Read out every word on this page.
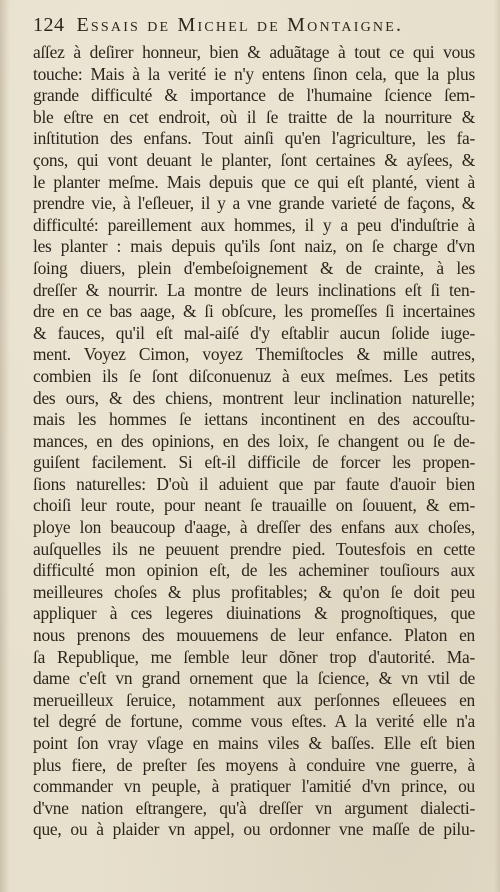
124 Essais de Michel de Montaigne.
aſſez à deſirer honneur, bien & aduãtage à tout ce qui vous
touche: Mais à la verité ie n'y entens ſinon cela, que la plus
grande difficulté & importance de l'humaine ſcience ſem-
ble eſtre en cet endroit, où il ſe traitte de la nourriture &
inſtitution des enfans. Tout ainſi qu'en l'agriculture, les fa-
çons, qui vont deuant le planter, ſont certaines & ayſees, &
le planter meſme. Mais depuis que ce qui eſt planté, vient à
prendre vie, à l'eſleuer, il y a vne grande varieté de façons, &
difficulté: pareillement aux hommes, il y a peu d'induſtrie à
les planter : mais depuis qu'ils ſont naiz, on ſe charge d'vn
ſoing diuers, plein d'embeſoignement & de crainte, à les
dreſſer & nourrir. La montre de leurs inclinations eſt ſi ten-
dre en ce bas aage, & ſi obſcure, les promeſſes ſi incertaines
& fauces, qu'il eſt mal-aiſé d'y eſtablir aucun ſolide iuge-
ment. Voyez Cimon, voyez Themiſtocles & mille autres,
combien ils ſe ſont diſconuenuz à eux meſmes. Les petits
des ours, & des chiens, montrent leur inclination naturelle;
mais les hommes ſe iettans incontinent en des accouſtu-
mances, en des opinions, en des loix, ſe changent ou ſe de-
guiſent facilement. Si eſt-il difficile de forcer les propen-
ſions naturelles: D'où il aduient que par faute d'auoir bien
choiſi leur route, pour neant ſe trauaille on ſouuent, & em-
ploye lon beaucoup d'aage, à dreſſer des enfans aux choſes,
auſquelles ils ne peuuent prendre pied. Toutesfois en cette
difficulté mon opinion eſt, de les acheminer touſiours aux
meilleures choſes & plus profitables; & qu'on ſe doit peu
appliquer à ces legeres diuinations & prognoſtiques, que
nous prenons des mouuemens de leur enfance. Platon en
ſa Republique, me ſemble leur dõner trop d'autorité. Ma-
dame c'eſt vn grand ornement que la ſcience, & vn vtil de
merueilleux ſeruice, notamment aux perſonnes eſleuees en
tel degré de fortune, comme vous eſtes. A la verité elle n'a
point ſon vray vſage en mains viles & baſſes. Elle eſt bien
plus fiere, de preſter ſes moyens à conduire vne guerre, à
commander vn peuple, à pratiquer l'amitié d'vn prince, ou
d'vne nation eſtrangere, qu'à dreſſer vn argument dialecti-
que, ou à plaider vn appel, ou ordonner vne maſſe de pilu-
